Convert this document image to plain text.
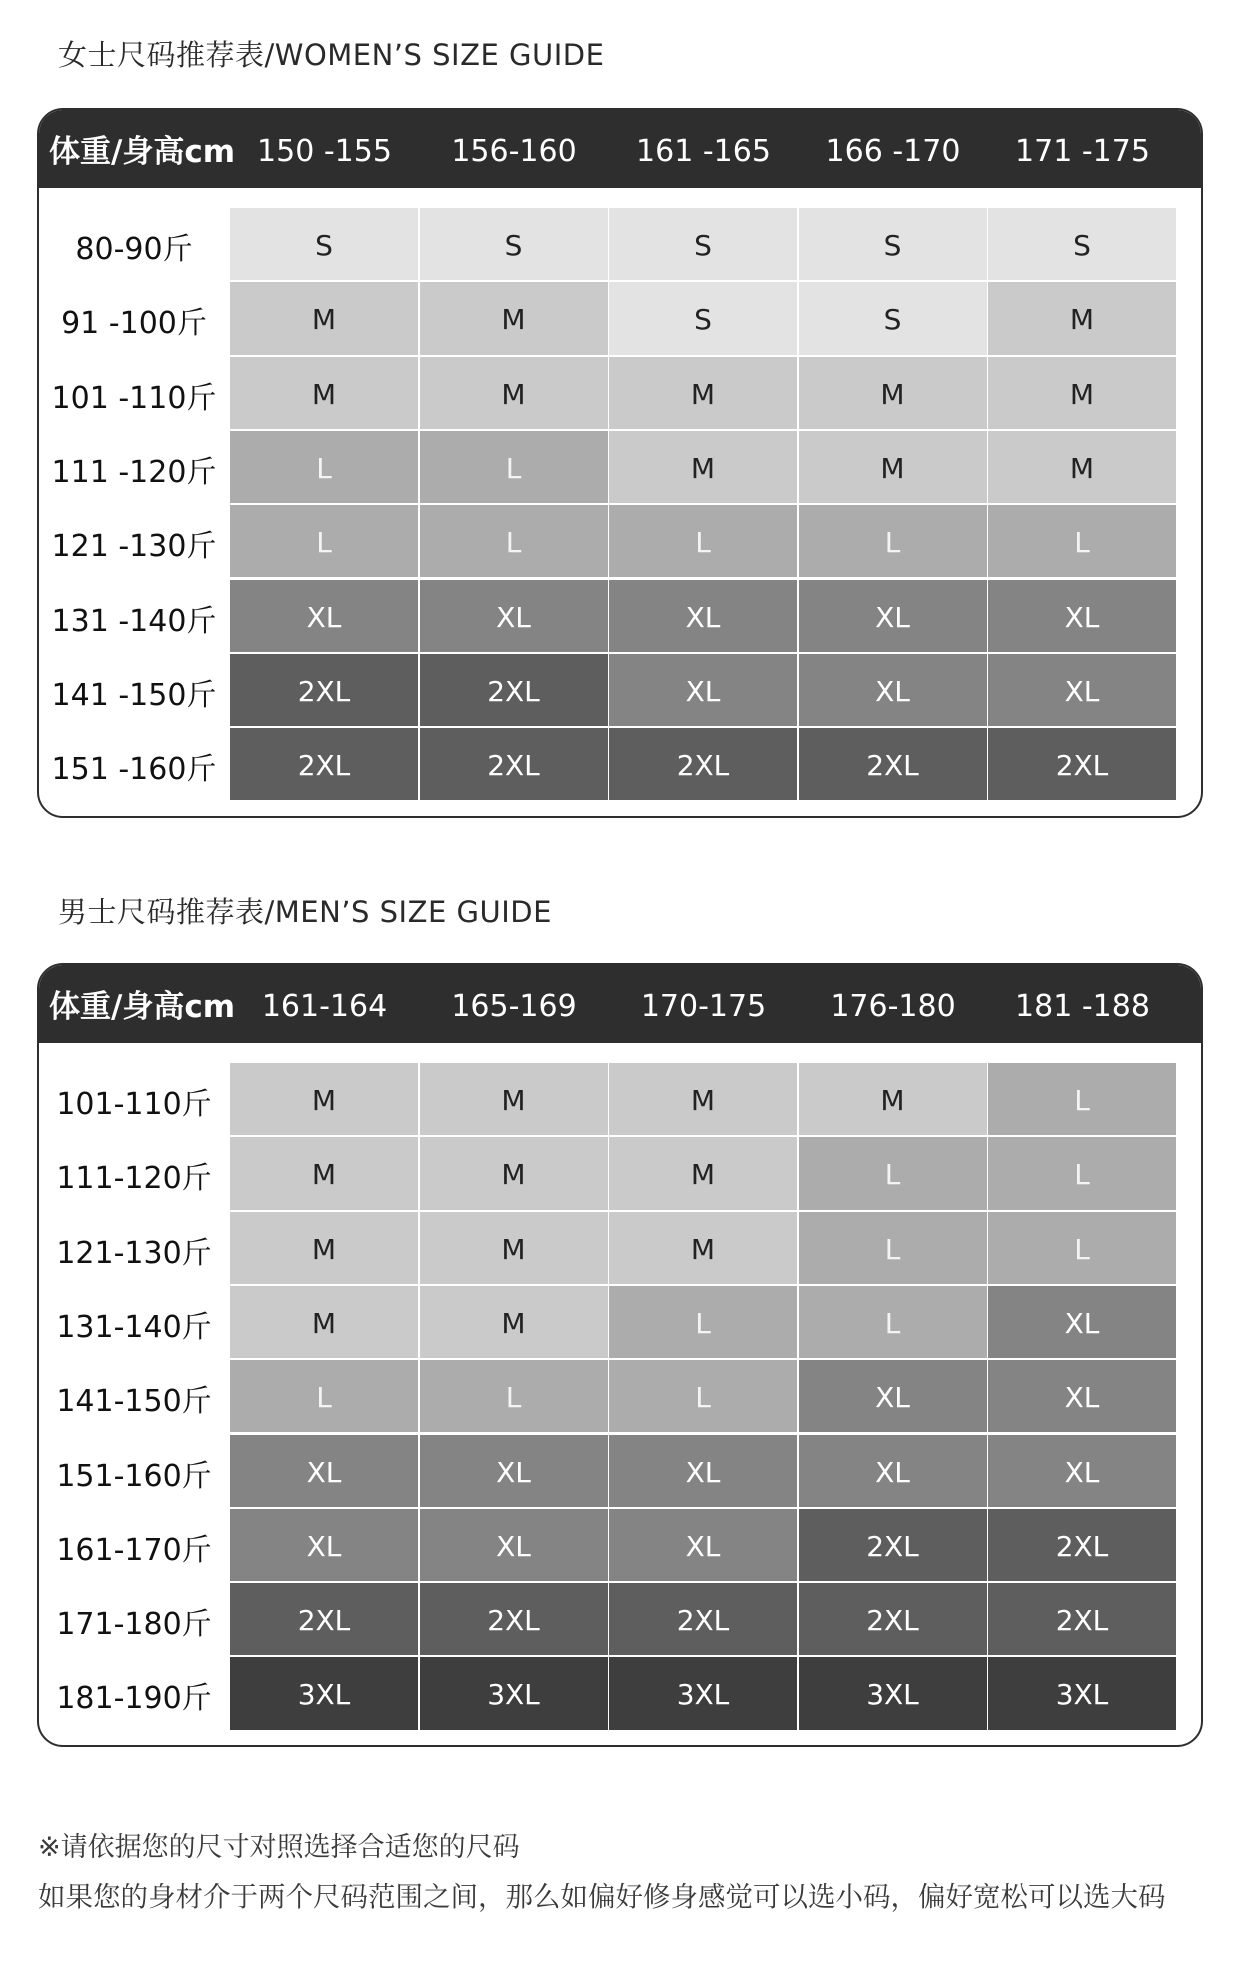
女士尺码推荐表/WOMEN’S SIZE GUIDE
体重/身高cm 150 -155	156-160	161 -165	166 -170	171 -175
80-90斤	S	S	S	S	S
91 -100斤	M	M	S	S	M
101 -110斤	M	M	M	M	M
111 -120斤	L	L	M	M	M
121 -130斤	L	L	L	L	L
131 -140斤	XL	XL	XL	XL	XL
141 -150斤	2XL	2XL	XL	XL	XL
151 -160斤	2XL	2XL	2XL	2XL	2XL
男士尺码推荐表/MEN’S SIZE GUIDE
体重/身高cm 161-164	165-169	170-175	176-180	181 -188
101-110斤	M	M	M	M	L
111-120斤	M	M	M	L	L
121-130斤	M	M	M	L	L
131-140斤	M	M	L	L	XL
141-150斤	L	L	L	XL	XL
151-160斤	XL	XL	XL	XL	XL
161-170斤	XL	XL	XL	2XL	2XL
171-180斤	2XL	2XL	2XL	2XL	2XL
181-190斤	3XL	3XL	3XL	3XL	3XL
※请依据您的尺寸对照选择合适您的尺码
如果您的身材介于两个尺码范围之间，那么如偏好修身感觉可以选小码，偏好宽松可以选大码
